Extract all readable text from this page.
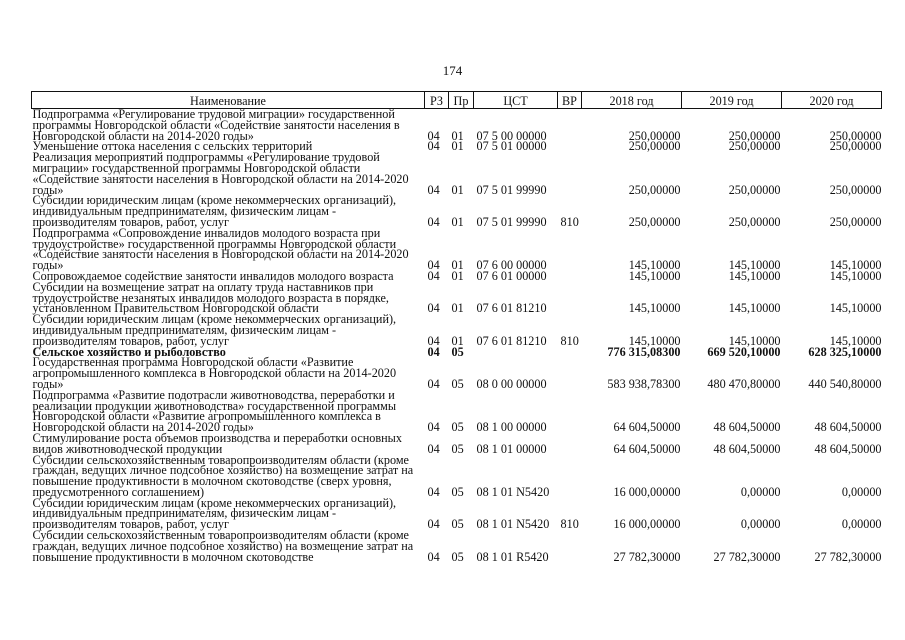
174
Наименование	РЗ	Пр	ЦСТ	ВР	2018 год	2019 год	2020 год
Подпрограмма «Регулирование трудовой миграции» государственной программы Новгородской области «Содействие занятости населения в Новгородской области на 2014-2020 годы»	04	01	07 5 00 00000		250,00000	250,00000	250,00000
Уменьшение оттока населения с сельских территорий	04	01	07 5 01 00000		250,00000	250,00000	250,00000
Реализация мероприятий подпрограммы «Регулирование трудовой миграции» государственной программы Новгородской области «Содействие занятости населения в Новгородской области на 2014-2020 годы»	04	01	07 5 01 99990		250,00000	250,00000	250,00000
Субсидии юридическим лицам (кроме некоммерческих организаций), индивидуальным предпринимателям, физическим лицам - производителям товаров, работ, услуг	04	01	07 5 01 99990	810	250,00000	250,00000	250,00000
Подпрограмма «Сопровождение инвалидов молодого возраста при трудоустройстве» государственной программы Новгородской области «Содействие занятости населения в Новгородской области на 2014-2020 годы»	04	01	07 6 00 00000		145,10000	145,10000	145,10000
Сопровождаемое содействие занятости инвалидов молодого возраста	04	01	07 6 01 00000		145,10000	145,10000	145,10000
Субсидии на возмещение затрат на оплату труда наставников при трудоустройстве незанятых инвалидов молодого возраста в порядке, установленном Правительством Новгородской области	04	01	07 6 01 81210		145,10000	145,10000	145,10000
Субсидии юридическим лицам (кроме некоммерческих организаций), индивидуальным предпринимателям, физическим лицам - производителям товаров, работ, услуг	04	01	07 6 01 81210	810	145,10000	145,10000	145,10000
Сельское хозяйство и рыболовство	04	05			776 315,08300	669 520,10000	628 325,10000
Государственная программа Новгородской области «Развитие агропромышленного комплекса в Новгородской области на 2014-2020 годы»	04	05	08 0 00 00000		583 938,78300	480 470,80000	440 540,80000
Подпрограмма «Развитие подотрасли животноводства, переработки и реализации продукции животноводства» государственной программы Новгородской области «Развитие агропромышленного комплекса в Новгородской области на 2014-2020 годы»	04	05	08 1 00 00000		64 604,50000	48 604,50000	48 604,50000
Стимулирование роста объемов производства и переработки основных видов животноводческой продукции	04	05	08 1 01 00000		64 604,50000	48 604,50000	48 604,50000
Субсидии сельскохозяйственным товаропроизводителям области (кроме граждан, ведущих личное подсобное хозяйство) на возмещение затрат на повышение продуктивности в молочном скотоводстве (сверх уровня, предусмотренного соглашением)	04	05	08 1 01 N5420		16 000,00000	0,00000	0,00000
Субсидии юридическим лицам (кроме некоммерческих организаций), индивидуальным предпринимателям, физическим лицам - производителям товаров, работ, услуг	04	05	08 1 01 N5420	810	16 000,00000	0,00000	0,00000
Субсидии сельскохозяйственным товаропроизводителям области (кроме граждан, ведущих личное подсобное хозяйство) на возмещение затрат на повышение продуктивности в молочном скотоводстве	04	05	08 1 01 R5420		27 782,30000	27 782,30000	27 782,30000
